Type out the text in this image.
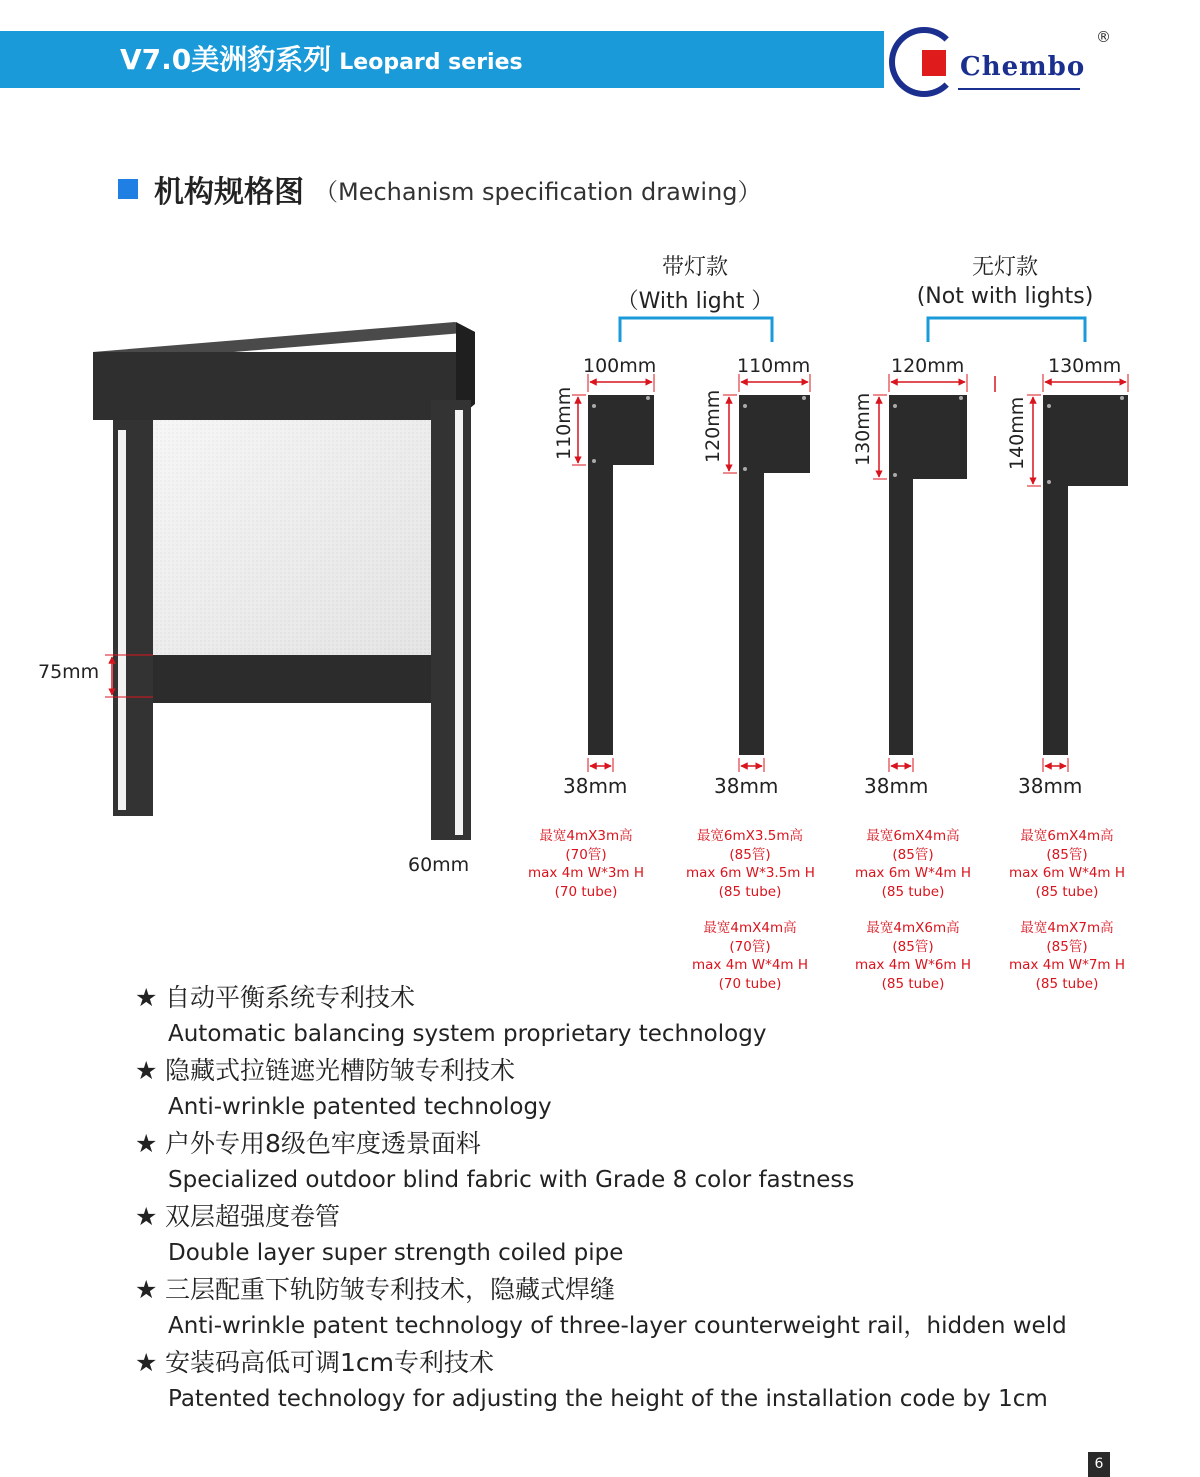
V7.0美洲豹系列 Leopard series	Chembo
®
机构规格图 （Mechanism specification drawing）
75mm
60mm
带灯款
（With light ）
无灯款
(Not with lights)
100mm	110mm	120mm	130mm
110mm	120mm	130mm	140mm
38mm	38mm	38mm	38mm
最宽4mX3m高
(70管)
max 4m W*3m H
(70 tube)
最宽6mX3.5m高
(85管)
max 6m W*3.5m H
(85 tube)
最宽4mX4m高
(70管)
max 4m W*4m H
(70 tube)
最宽6mX4m高
(85管)
max 6m W*4m H
(85 tube)
最宽4mX6m高
(85管)
max 4m W*6m H
(85 tube)
最宽6mX4m高
(85管)
max 6m W*4m H
(85 tube)
最宽4mX7m高
(85管)
max 4m W*7m H
(85 tube)
★ 自动平衡系统专利技术
Automatic balancing system proprietary technology
★ 隐藏式拉链遮光槽防皱专利技术
Anti-wrinkle patented technology
★ 户外专用8级色牢度透景面料
Specialized outdoor blind fabric with Grade 8 color fastness
★ 双层超强度卷管
Double layer super strength coiled pipe
★ 三层配重下轨防皱专利技术，隐藏式焊缝
Anti-wrinkle patent technology of three-layer counterweight rail，hidden weld
★ 安装码高低可调1cm专利技术
Patented technology for adjusting the height of the installation code by 1cm
6
